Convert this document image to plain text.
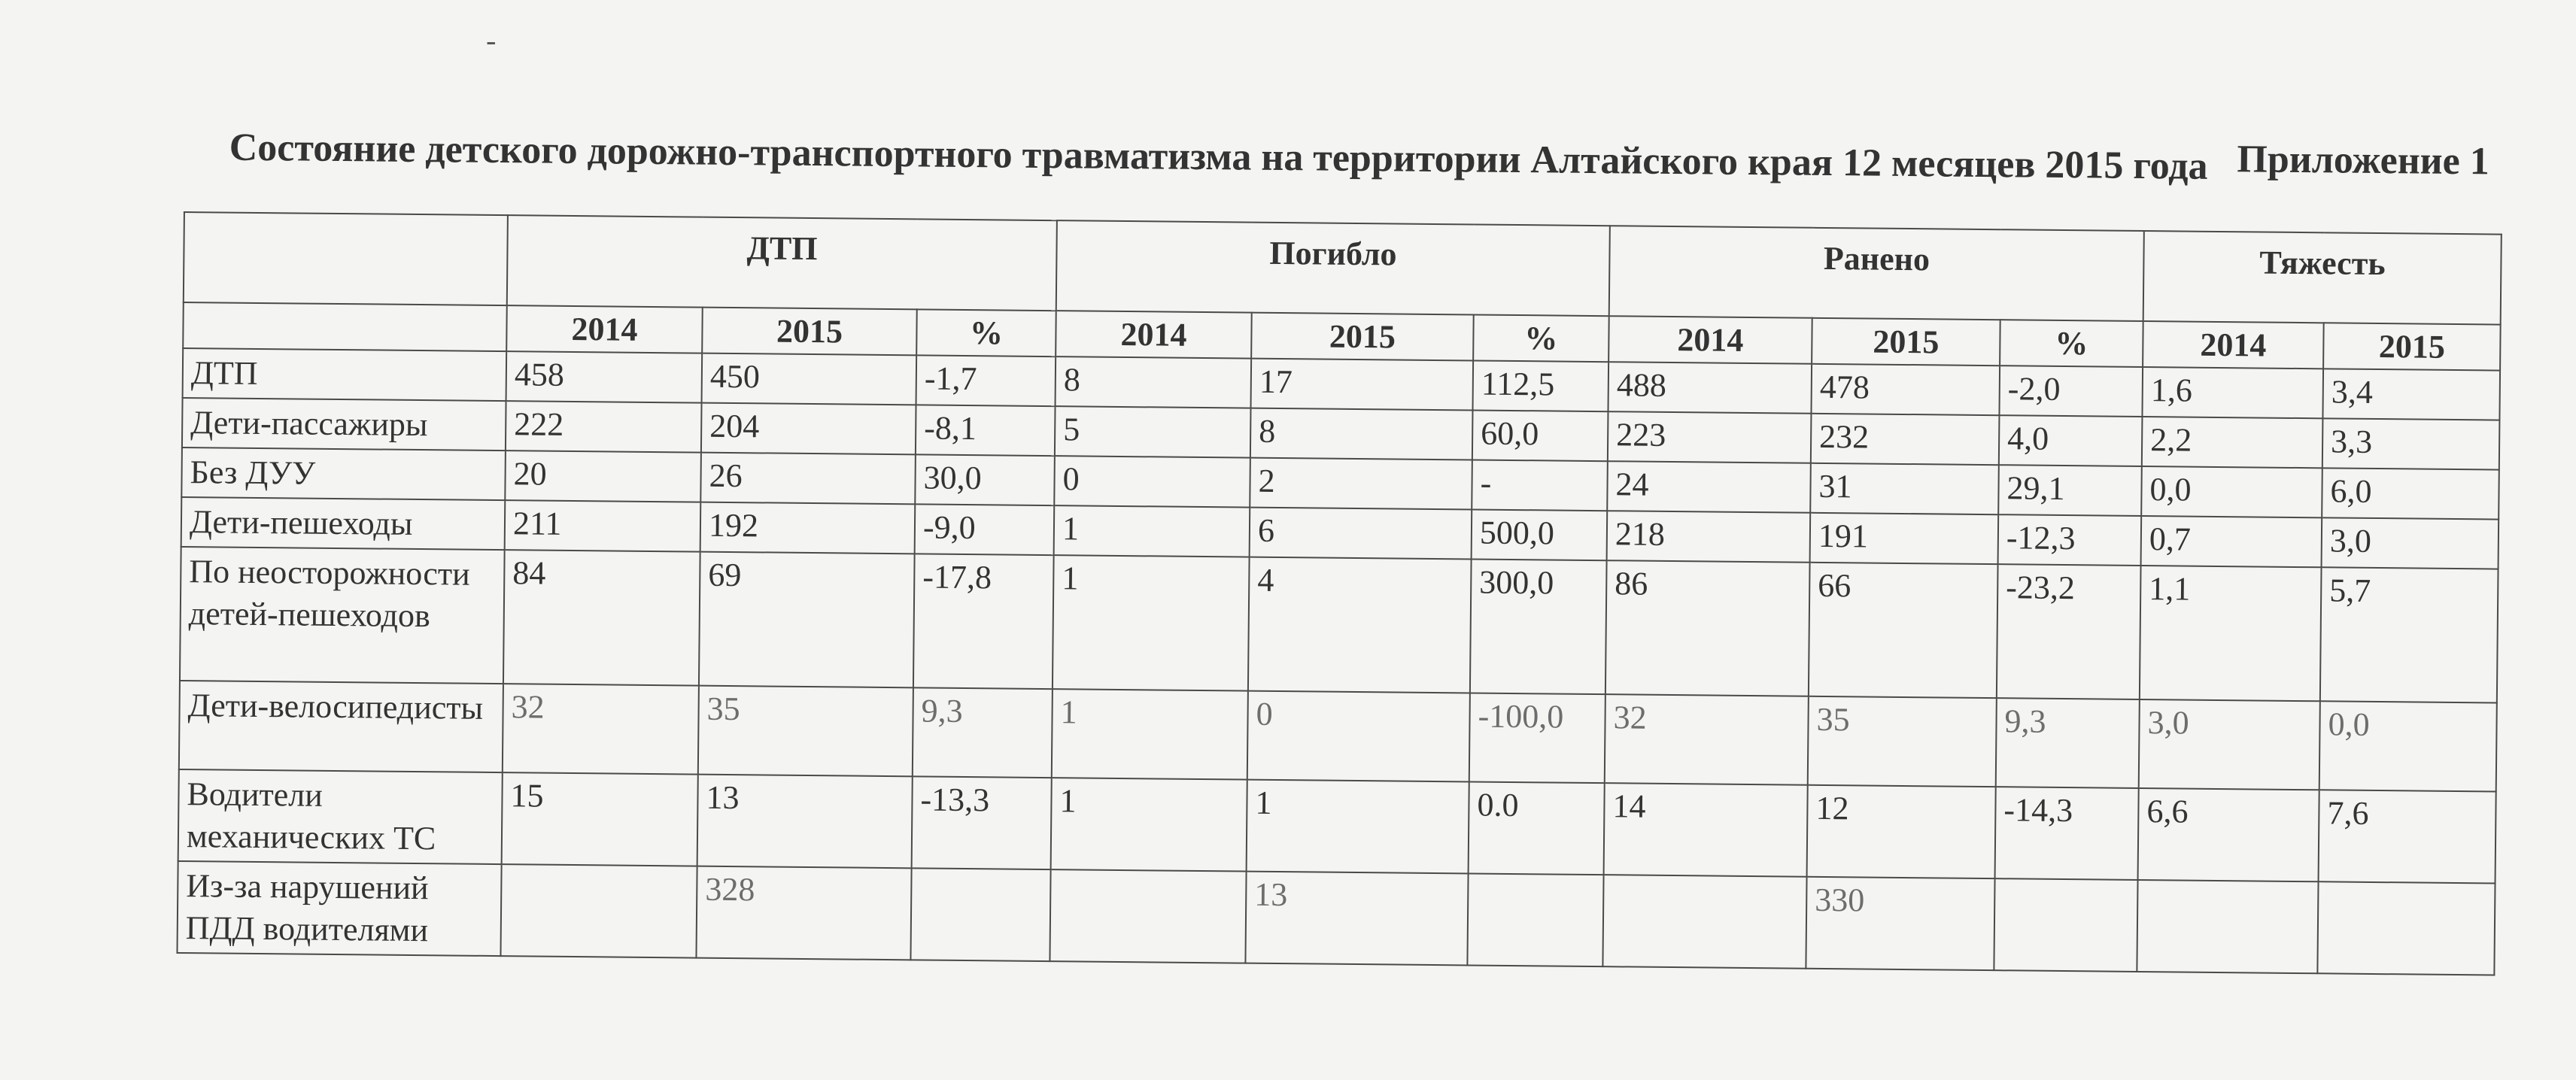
-
Приложение 1
Состояние детского дорожно-транспортного травматизма на территории Алтайского края 12 месяцев 2015 года
	ДТП			Погибло			Ранено			Тяжесть	
	2014	2015	%	2014	2015	%	2014	2015	%	2014	2015
ДТП	458	450	-1,7	8	17	112,5	488	478	-2,0	1,6	3,4
Дети-пассажиры	222	204	-8,1	5	8	60,0	223	232	4,0	2,2	3,3
Без ДУУ	20	26	30,0	0	2	-	24	31	29,1	0,0	6,0
Дети-пешеходы	211	192	-9,0	1	6	500,0	218	191	-12,3	0,7	3,0
По неосторожности детей-пешеходов	84	69	-17,8	1	4	300,0	86	66	-23,2	1,1	5,7
Дети-велосипедисты	32	35	9,3	1	0	-100,0	32	35	9,3	3,0	0,0
Водители механических ТС	15	13	-13,3	1	1	0.0	14	12	-14,3	6,6	7,6
Из-за нарушений ПДД водителями		328			13			330			
